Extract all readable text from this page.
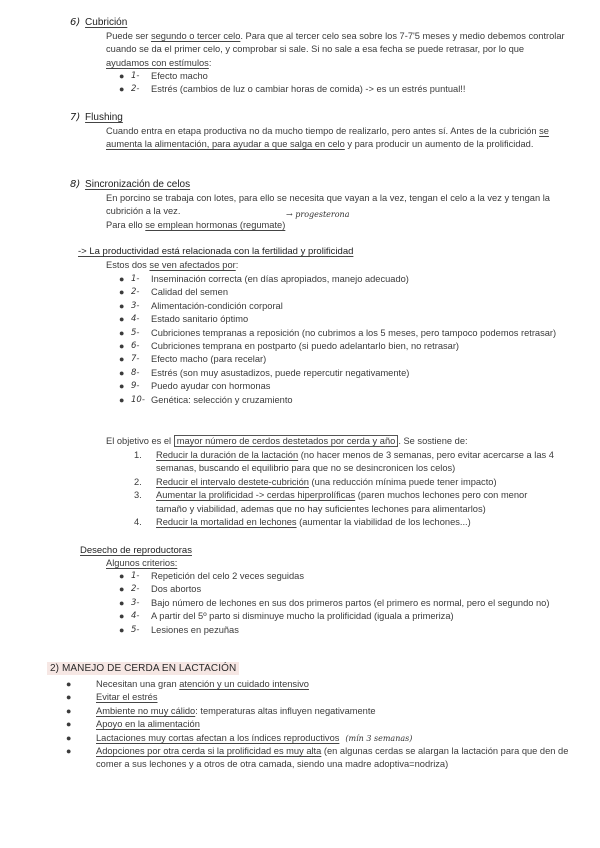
6) Cubrición
Puede ser segundo o tercer celo. Para que al tercer celo sea sobre los 7-7'5 meses y medio debemos controlar cuando se da el primer celo, y comprobar si sale. Si no sale a esa fecha se puede retrasar, por lo que ayudamos con estímulos:
● 1- Efecto macho
● 2- Estrés (cambios de luz o cambiar horas de comida) -> es un estrés puntual!!
7) Flushing
Cuando entra en etapa productiva no da mucho tiempo de realizarlo, pero antes sí. Antes de la cubrición se aumenta la alimentación, para ayudar a que salga en celo y para producir un aumento de la prolificidad.
8) Sincronización de celos
En porcino se trabaja con lotes, para ello se necesita que vayan a la vez, tengan el celo a la vez y tengan la cubrición a la vez.
Para ello se emplean hormonas (regumate)
→ progesterona
-> La productividad está relacionada con la fertilidad y prolificidad
Estos dos se ven afectados por:
● 1- Inseminación correcta (en días apropiados, manejo adecuado)
● 2- Calidad del semen
● 3- Alimentación-condición corporal
● 4- Estado sanitario óptimo
● 5- Cubriciones tempranas a reposición (no cubrimos a los 5 meses, pero tampoco podemos retrasar)
● 6- Cubriciones temprana en postparto (si puedo adelantarlo bien, no retrasar)
● 7- Efecto macho (para recelar)
● 8- Estrés (son muy asustadizos, puede repercutir negativamente)
● 9- Puedo ayudar con hormonas
● 10- Genética: selección y cruzamiento
El objetivo es el mayor número de cerdos destetados por cerda y año . Se sostiene de:
1. Reducir la duración de la lactación (no hacer menos de 3 semanas, pero evitar acercarse a las 4 semanas, buscando el equilibrio para que no se desincronicen los celos)
2. Reducir el intervalo destete-cubrición (una reducción mínima puede tener impacto)
3. Aumentar la prolificidad -> cerdas hiperprolíficas (paren muchos lechones pero con menor tamaño y viabilidad, ademas que no hay suficientes lechones para alimentarlos)
4. Reducir la mortalidad en lechones (aumentar la viabilidad de los lechones...)
Desecho de reproductoras
Algunos criterios:
● 1- Repetición del celo 2 veces seguidas
● 2- Dos abortos
● 3- Bajo número de lechones en sus dos primeros partos (el primero es normal, pero el segundo no)
● 4- A partir del 5º parto si disminuye mucho la prolificidad (iguala a primeriza)
● 5- Lesiones en pezuñas
2) MANEJO DE CERDA EN LACTACIÓN
●	Necesitan una gran atención y un cuidado intensivo
●	Evitar el estrés
●	Ambiente no muy cálido: temperaturas altas influyen negativamente
●	Apoyo en la alimentación
●	Lactaciones muy cortas afectan a los índices reproductivos (mín 3 semanas)
●	Adopciones por otra cerda si la prolificidad es muy alta (en algunas cerdas se alargan la lactación para que den de comer a sus lechones y a otros de otra camada, siendo una madre adoptiva=nodriza)
